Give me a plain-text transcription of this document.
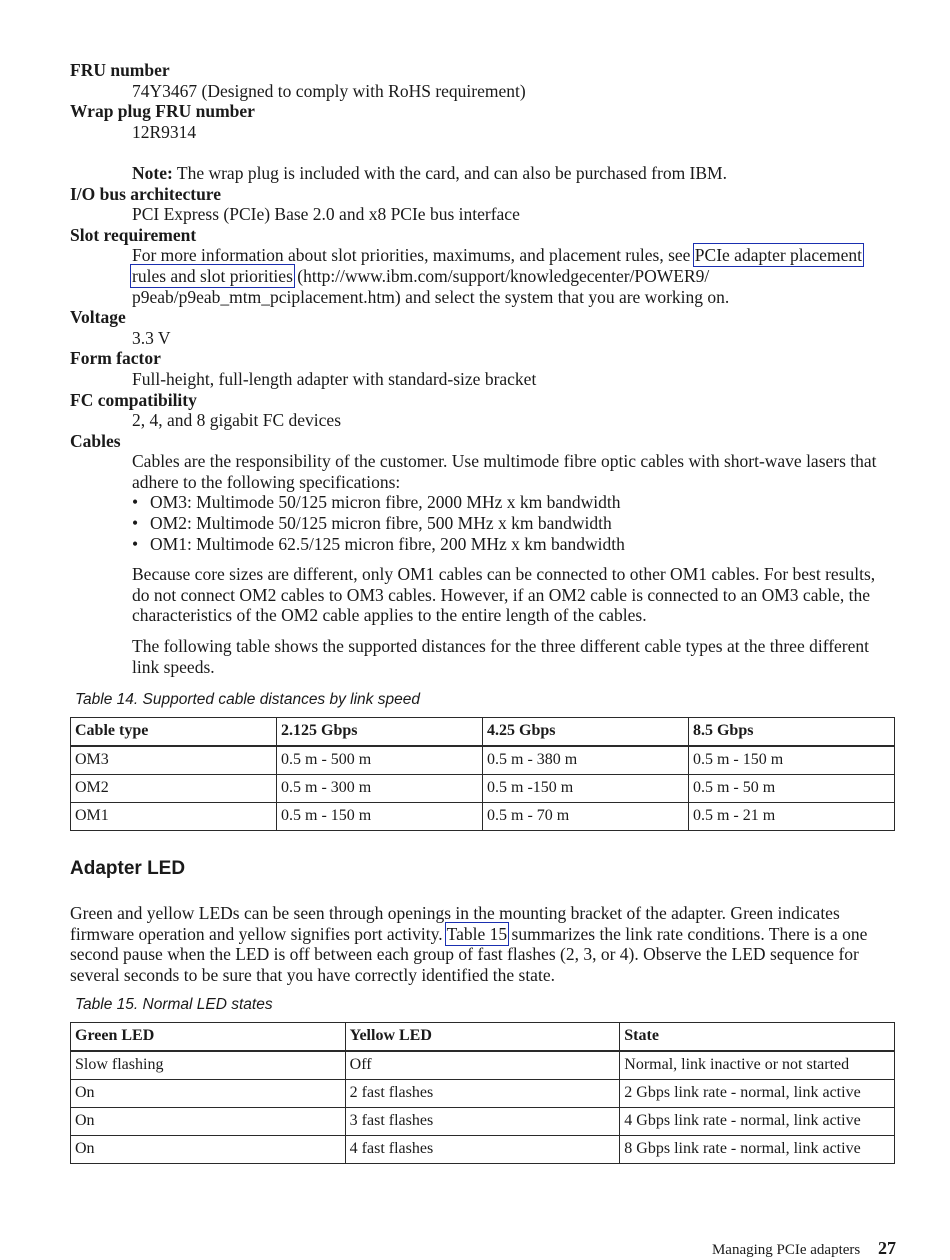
FRU number
74Y3467 (Designed to comply with RoHS requirement)
Wrap plug FRU number
12R9314
Note: The wrap plug is included with the card, and can also be purchased from IBM.
I/O bus architecture
PCI Express (PCIe) Base 2.0 and x8 PCIe bus interface
Slot requirement
For more information about slot priorities, maximums, and placement rules, see PCIe adapter placement rules and slot priorities (http://www.ibm.com/support/knowledgecenter/POWER9/ p9eab/p9eab_mtm_pciplacement.htm) and select the system that you are working on.
Voltage
3.3 V
Form factor
Full-height, full-length adapter with standard-size bracket
FC compatibility
2, 4, and 8 gigabit FC devices
Cables
Cables are the responsibility of the customer. Use multimode fibre optic cables with short-wave lasers that adhere to the following specifications:
• OM3: Multimode 50/125 micron fibre, 2000 MHz x km bandwidth
• OM2: Multimode 50/125 micron fibre, 500 MHz x km bandwidth
• OM1: Multimode 62.5/125 micron fibre, 200 MHz x km bandwidth

Because core sizes are different, only OM1 cables can be connected to other OM1 cables. For best results, do not connect OM2 cables to OM3 cables. However, if an OM2 cable is connected to an OM3 cable, the characteristics of the OM2 cable applies to the entire length of the cables.

The following table shows the supported distances for the three different cable types at the three different link speeds.

Table 14. Supported cable distances by link speed
Cable type	2.125 Gbps	4.25 Gbps	8.5 Gbps
OM3	0.5 m - 500 m	0.5 m - 380 m	0.5 m - 150 m
OM2	0.5 m - 300 m	0.5 m -150 m	0.5 m - 50 m
OM1	0.5 m - 150 m	0.5 m - 70 m	0.5 m - 21 m
Adapter LED

Green and yellow LEDs can be seen through openings in the mounting bracket of the adapter. Green indicates firmware operation and yellow signifies port activity. Table 15 summarizes the link rate conditions. There is a one second pause when the LED is off between each group of fast flashes (2, 3, or 4). Observe the LED sequence for several seconds to be sure that you have correctly identified the state.

Table 15. Normal LED states
Green LED	Yellow LED	State
Slow flashing	Off	Normal, link inactive or not started
On	2 fast flashes	2 Gbps link rate - normal, link active
On	3 fast flashes	4 Gbps link rate - normal, link active
On	4 fast flashes	8 Gbps link rate - normal, link active
Managing PCIe adapters 27
